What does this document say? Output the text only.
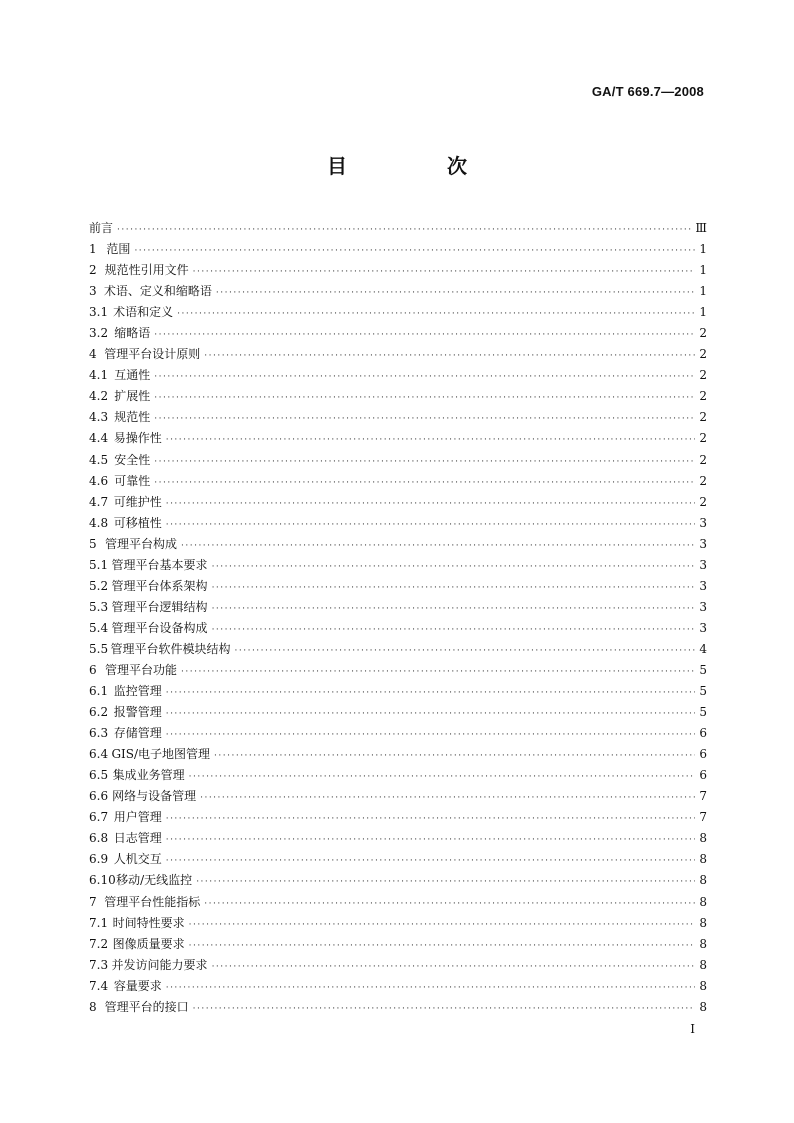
GA/T 669.7—2008
目　次
前言 ·····	Ⅲ
1 范围 ·····	1
2 规范性引用文件 ·····	1
3 术语、定义和缩略语 ·····	1
3.1 术语和定义 ·····	1
3.2 缩略语 ·····	2
4 管理平台设计原则 ·····	2
4.1 互通性 ·····	2
4.2 扩展性 ·····	2
4.3 规范性 ·····	2
4.4 易操作性 ·····	2
4.5 安全性 ·····	2
4.6 可靠性 ·····	2
4.7 可维护性 ·····	2
4.8 可移植性 ·····	3
5 管理平台构成 ·····	3
5.1 管理平台基本要求 ·····	3
5.2 管理平台体系架构 ·····	3
5.3 管理平台逻辑结构 ·····	3
5.4 管理平台设备构成 ·····	3
5.5 管理平台软件模块结构 ·····	4
6 管理平台功能 ·····	5
6.1 监控管理 ·····	5
6.2 报警管理 ·····	5
6.3 存储管理 ·····	6
6.4 GIS/电子地图管理 ·····	6
6.5 集成业务管理 ·····	6
6.6 网络与设备管理 ·····	7
6.7 用户管理 ·····	7
6.8 日志管理 ·····	8
6.9 人机交互 ·····	8
6.10 移动/无线监控 ·····	8
7 管理平台性能指标 ·····	8
7.1 时间特性要求 ·····	8
7.2 图像质量要求 ·····	8
7.3 并发访问能力要求 ·····	8
7.4 容量要求 ·····	8
8 管理平台的接口 ·····	8
I
